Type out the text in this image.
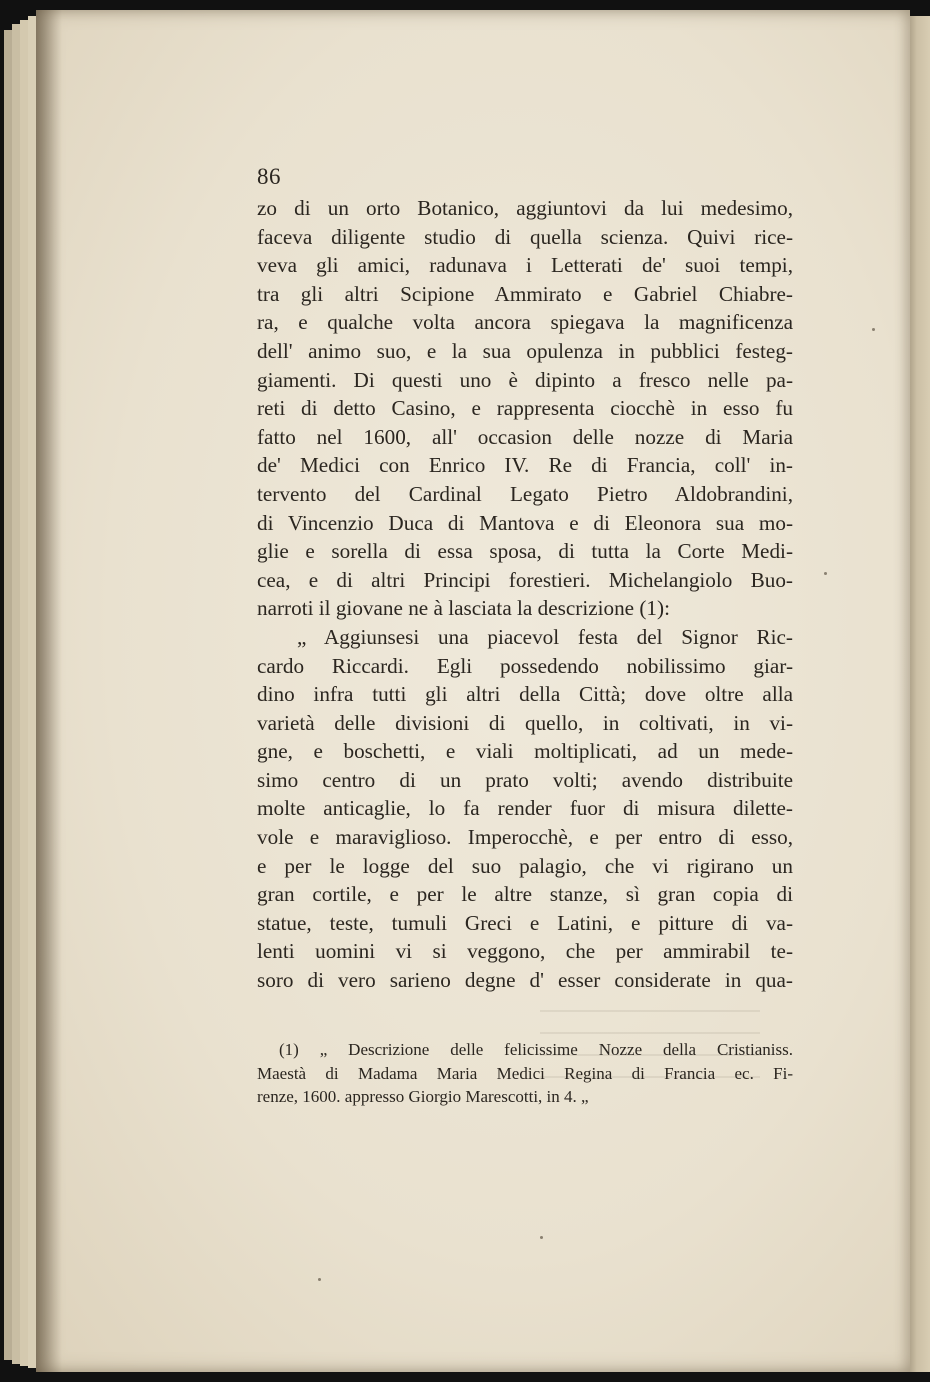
86
zo di un orto Botanico, aggiuntovi da lui medesimo,
faceva diligente studio di quella scienza. Quivi rice-
veva gli amici, radunava i Letterati de' suoi tempi,
tra gli altri Scipione Ammirato e Gabriel Chiabre-
ra, e qualche volta ancora spiegava la magnificenza
dell' animo suo, e la sua opulenza in pubblici festeg-
giamenti. Di questi uno è dipinto a fresco nelle pa-
reti di detto Casino, e rappresenta ciocchè in esso fu
fatto nel 1600, all' occasion delle nozze di Maria
de' Medici con Enrico IV. Re di Francia, coll' in-
tervento del Cardinal Legato Pietro Aldobrandini,
di Vincenzio Duca di Mantova e di Eleonora sua mo-
glie e sorella di essa sposa, di tutta la Corte Medi-
cea, e di altri Principi forestieri. Michelangiolo Buo-
narroti il giovane ne à lasciata la descrizione (1):
„ Aggiunsesi una piacevol festa del Signor Ric-
cardo Riccardi. Egli possedendo nobilissimo giar-
dino infra tutti gli altri della Città; dove oltre alla
varietà delle divisioni di quello, in coltivati, in vi-
gne, e boschetti, e viali moltiplicati, ad un mede-
simo centro di un prato volti; avendo distribuite
molte anticaglie, lo fa render fuor di misura dilette-
vole e maraviglioso. Imperocchè, e per entro di esso,
e per le logge del suo palagio, che vi rigirano un
gran cortile, e per le altre stanze, sì gran copia di
statue, teste, tumuli Greci e Latini, e pitture di va-
lenti uomini vi si veggono, che per ammirabil te-
soro di vero sarieno degne d' esser considerate in qua-
(1) „ Descrizione delle felicissime Nozze della Cristianiss.
Maestà di Madama Maria Medici Regina di Francia ec. Fi-
renze, 1600. appresso Giorgio Marescotti, in 4. „
